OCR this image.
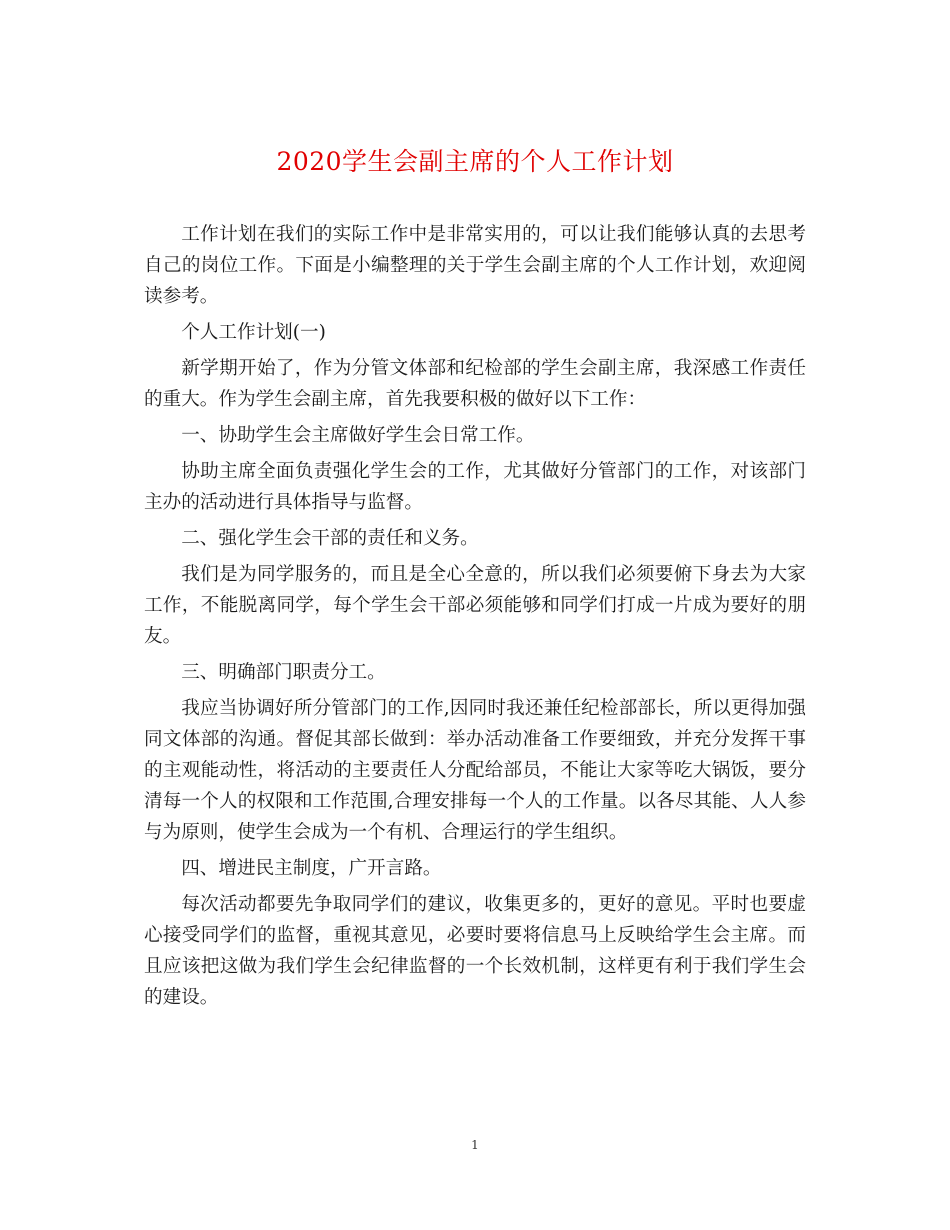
2020学生会副主席的个人工作计划

工作计划在我们的实际工作中是非常实用的，可以让我们能够认真的去思考自己的岗位工作。下面是小编整理的关于学生会副主席的个人工作计划，欢迎阅读参考。

个人工作计划(一)

新学期开始了，作为分管文体部和纪检部的学生会副主席，我深感工作责任的重大。作为学生会副主席，首先我要积极的做好以下工作：

一、协助学生会主席做好学生会日常工作。

协助主席全面负责强化学生会的工作，尤其做好分管部门的工作，对该部门主办的活动进行具体指导与监督。

二、强化学生会干部的责任和义务。

我们是为同学服务的，而且是全心全意的，所以我们必须要俯下身去为大家工作，不能脱离同学，每个学生会干部必须能够和同学们打成一片成为要好的朋友。

三、明确部门职责分工。

我应当协调好所分管部门的工作,因同时我还兼任纪检部部长，所以更得加强同文体部的沟通。督促其部长做到：举办活动准备工作要细致，并充分发挥干事的主观能动性，将活动的主要责任人分配给部员，不能让大家等吃大锅饭，要分清每一个人的权限和工作范围,合理安排每一个人的工作量。以各尽其能、人人参与为原则，使学生会成为一个有机、合理运行的学生组织。

四、增进民主制度，广开言路。

每次活动都要先争取同学们的建议，收集更多的，更好的意见。平时也要虚心接受同学们的监督，重视其意见，必要时要将信息马上反映给学生会主席。而且应该把这做为我们学生会纪律监督的一个长效机制，这样更有利于我们学生会的建设。

1
